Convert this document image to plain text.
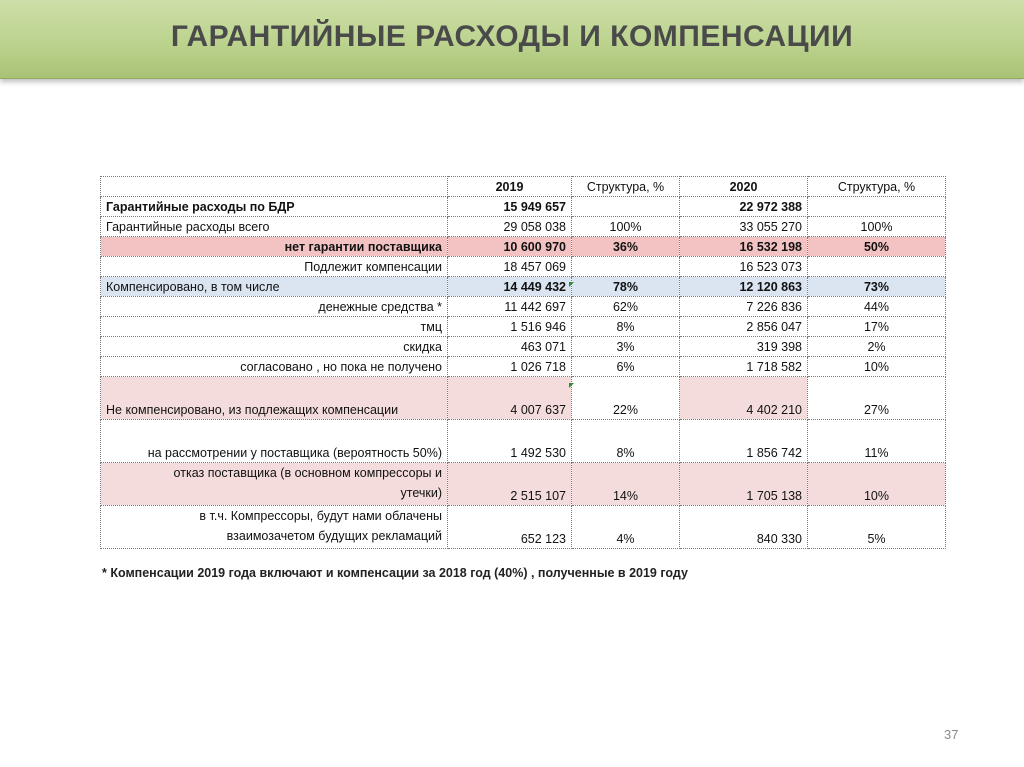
ГАРАНТИЙНЫЕ РАСХОДЫ И КОМПЕНСАЦИИ
	2019	Структура, %	2020	Структура, %
Гарантийные расходы по БДР	15 949 657		22 972 388	
Гарантийные расходы всего	29 058 038	100%	33 055 270	100%
нет гарантии поставщика	10 600 970	36%	16 532 198	50%
Подлежит компенсации	18 457 069		16 523 073	
Компенсировано, в том числе	14 449 432	78%	12 120 863	73%
денежные средства *	11 442 697	62%	7 226 836	44%
тмц	1 516 946	8%	2 856 047	17%
скидка	463 071	3%	319 398	2%
согласовано , но пока не получено	1 026 718	6%	1 718 582	10%
Не компенсировано, из подлежащих компенсации	4 007 637	22%	4 402 210	27%
на рассмотрении у поставщика (вероятность 50%)	1 492 530	8%	1 856 742	11%
отказ поставщика (в основном компрессоры и утечки)	2 515 107	14%	1 705 138	10%
в т.ч. Компрессоры, будут нами облачены взаимозачетом будущих рекламаций	652 123	4%	840 330	5%
* Компенсации 2019 года включают и компенсации за 2018 год (40%) , полученные в 2019 году
37
